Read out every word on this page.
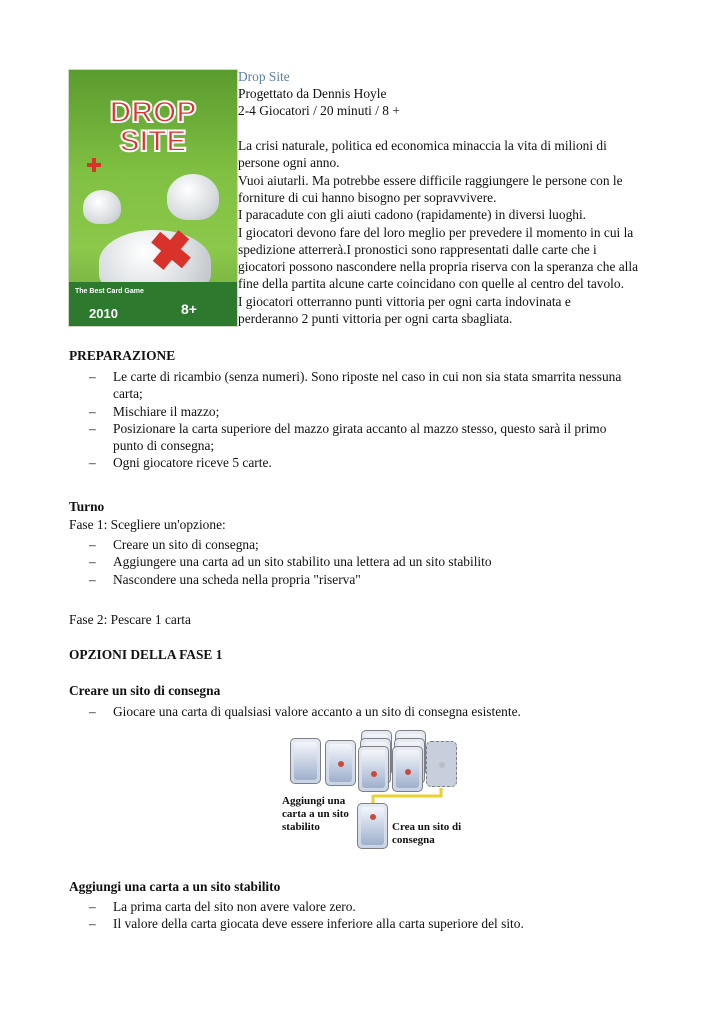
DROP
SITE
The Best Card Game
2010	8+

Drop Site

Progettato da Dennis Hoyle

2-4 Giocatori / 20 minuti / 8 +

La crisi naturale, politica ed economica minaccia la vita di milioni di

persone ogni anno.

Vuoi aiutarli. Ma potrebbe essere difficile raggiungere le persone con le

forniture di cui hanno bisogno per sopravvivere.

I paracadute con gli aiuti cadono (rapidamente) in diversi luoghi.

I giocatori devono fare del loro meglio per prevedere il momento in cui la

spedizione atterrerà.I pronostici sono rappresentati dalle carte che i

giocatori possono nascondere nella propria riserva con la speranza che alla

fine della partita alcune carte coincidano con quelle al centro del tavolo.

I giocatori otterranno punti vittoria per ogni carta indovinata e

perderanno 2 punti vittoria per ogni carta sbagliata.

PREPARAZIONE

– Le carte di ricambio (senza numeri). Sono riposte nel caso in cui non sia stata smarrita nessuna
carta;
– Mischiare il mazzo;
– Posizionare la carta superiore del mazzo girata accanto al mazzo stesso, questo sarà il primo
punto di consegna;
– Ogni giocatore riceve 5 carte.

Turno

Fase 1: Scegliere un'opzione:

– Creare un sito di consegna;
– Aggiungere una carta ad un sito stabilito una lettera ad un sito stabilito
– Nascondere una scheda nella propria "riserva"

Fase 2: Pescare 1 carta

OPZIONI DELLA FASE 1

Creare un sito di consegna

– Giocare una carta di qualsiasi valore accanto a un sito di consegna esistente.
Aggiungi una
carta a un sito
stabilito	Crea un sito di
consegna

Aggiungi una carta a un sito stabilito

– La prima carta del sito non avere valore zero.
– Il valore della carta giocata deve essere inferiore alla carta superiore del sito.
